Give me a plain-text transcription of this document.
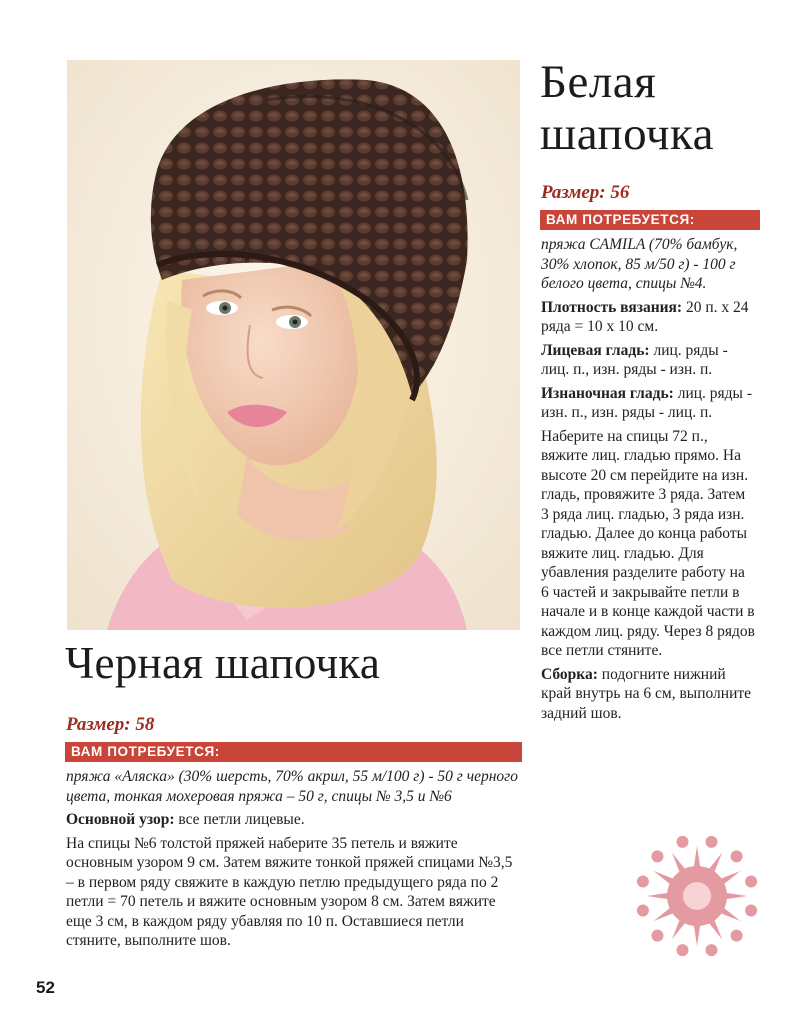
Белая
шапочка
Размер: 56
ВАМ ПОТРЕБУЕТСЯ:

пряжа CAMILA (70% бамбук, 30% хлопок, 85 м/50 г) - 100 г белого цвета, спицы №4.

Плотность вязания: 20 п. х 24 ряда = 10 х 10 см.

Лицевая гладь: лиц. ряды - лиц. п., изн. ряды - изн. п.

Изнаночная гладь: лиц. ряды - изн. п., изн. ряды - лиц. п.

Наберите на спицы 72 п., вяжите лиц. гладью прямо. На высоте 20 см перейдите на изн. гладь, провяжите 3 ряда. Затем 3 ряда лиц. гладью, 3 ряда изн. гладью. Далее до конца работы вяжите лиц. гладью. Для убавления разделите работу на 6 частей и закрывайте петли в начале и в конце каждой части в каждом лиц. ряду. Через 8 рядов все петли стяните.

Сборка: подогните нижний край внутрь на 6 см, выполните задний шов.

Черная шапочка
Размер: 58
ВАМ ПОТРЕБУЕТСЯ:

пряжа «Аляска» (30% шерсть, 70% акрил, 55 м/100 г) - 50 г черного цвета, тонкая мохеровая пряжа – 50 г, спицы № 3,5 и №6

Основной узор: все петли лицевые.

На спицы №6 толстой пряжей наберите 35 петель и вяжите основным узором 9 см. Затем вяжите тонкой пряжей спицами №3,5 – в первом ряду свяжите в каждую петлю предыдущего ряда по 2 петли = 70 петель и вяжите основным узором 8 см. Затем вяжите еще 3 см, в каждом ряду убавляя по 10 п. Оставшиеся петли стяните, выполните шов.

52
